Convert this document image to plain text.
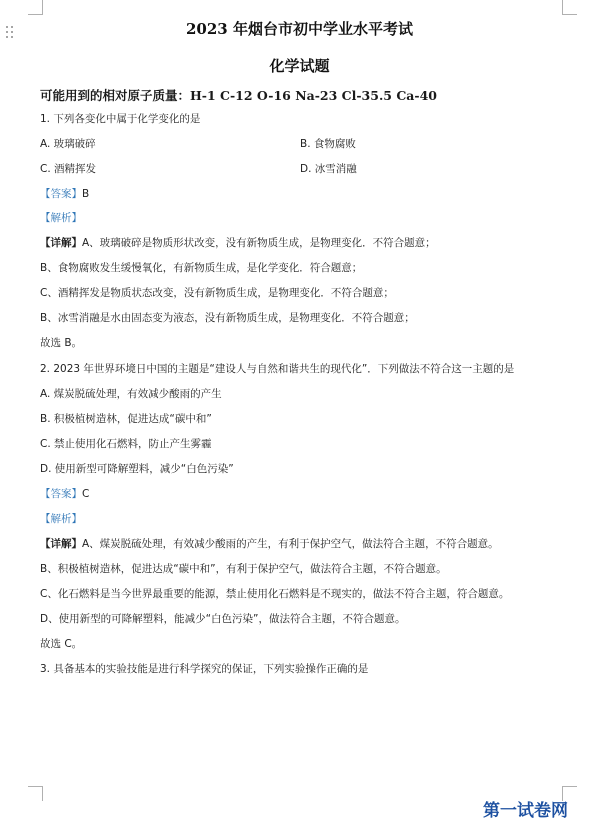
2023 年烟台市初中学业水平考试
化学试题
可能用到的相对原子质量：H-1 C-12 O-16 Na-23 Cl-35.5 Ca-40
1. 下列各变化中属于化学变化的是
A. 玻璃破碎	B. 食物腐败
C. 酒精挥发	D. 冰雪消融
【答案】B
【解析】
【详解】A、玻璃破碎是物质形状改变，没有新物质生成，是物理变化．不符合题意；
B、食物腐败发生缓慢氧化，有新物质生成，是化学变化．符合题意；
C、酒精挥发是物质状态改变，没有新物质生成，是物理变化．不符合题意；
B、冰雪消融是水由固态变为液态，没有新物质生成，是物理变化．不符合题意；
故选 B。
2. 2023 年世界环境日中国的主题是“建设人与自然和谐共生的现代化”．下列做法不符合这一主题的是
A. 煤炭脱硫处理，有效减少酸雨的产生
B. 积极植树造林，促进达成“碳中和”
C. 禁止使用化石燃料，防止产生雾霾
D. 使用新型可降解塑料，减少“白色污染”
【答案】C
【解析】
【详解】A、煤炭脱硫处理，有效减少酸雨的产生，有利于保护空气，做法符合主题，不符合题意。
B、积极植树造林，促进达成“碳中和”，有利于保护空气，做法符合主题，不符合题意。
C、化石燃料是当今世界最重要的能源，禁止使用化石燃料是不现实的，做法不符合主题，符合题意。
D、使用新型的可降解塑料，能减少“白色污染”，做法符合主题，不符合题意。
故选 C。
3. 具备基本的实验技能是进行科学探究的保证，下列实验操作正确的是
第一试卷网
